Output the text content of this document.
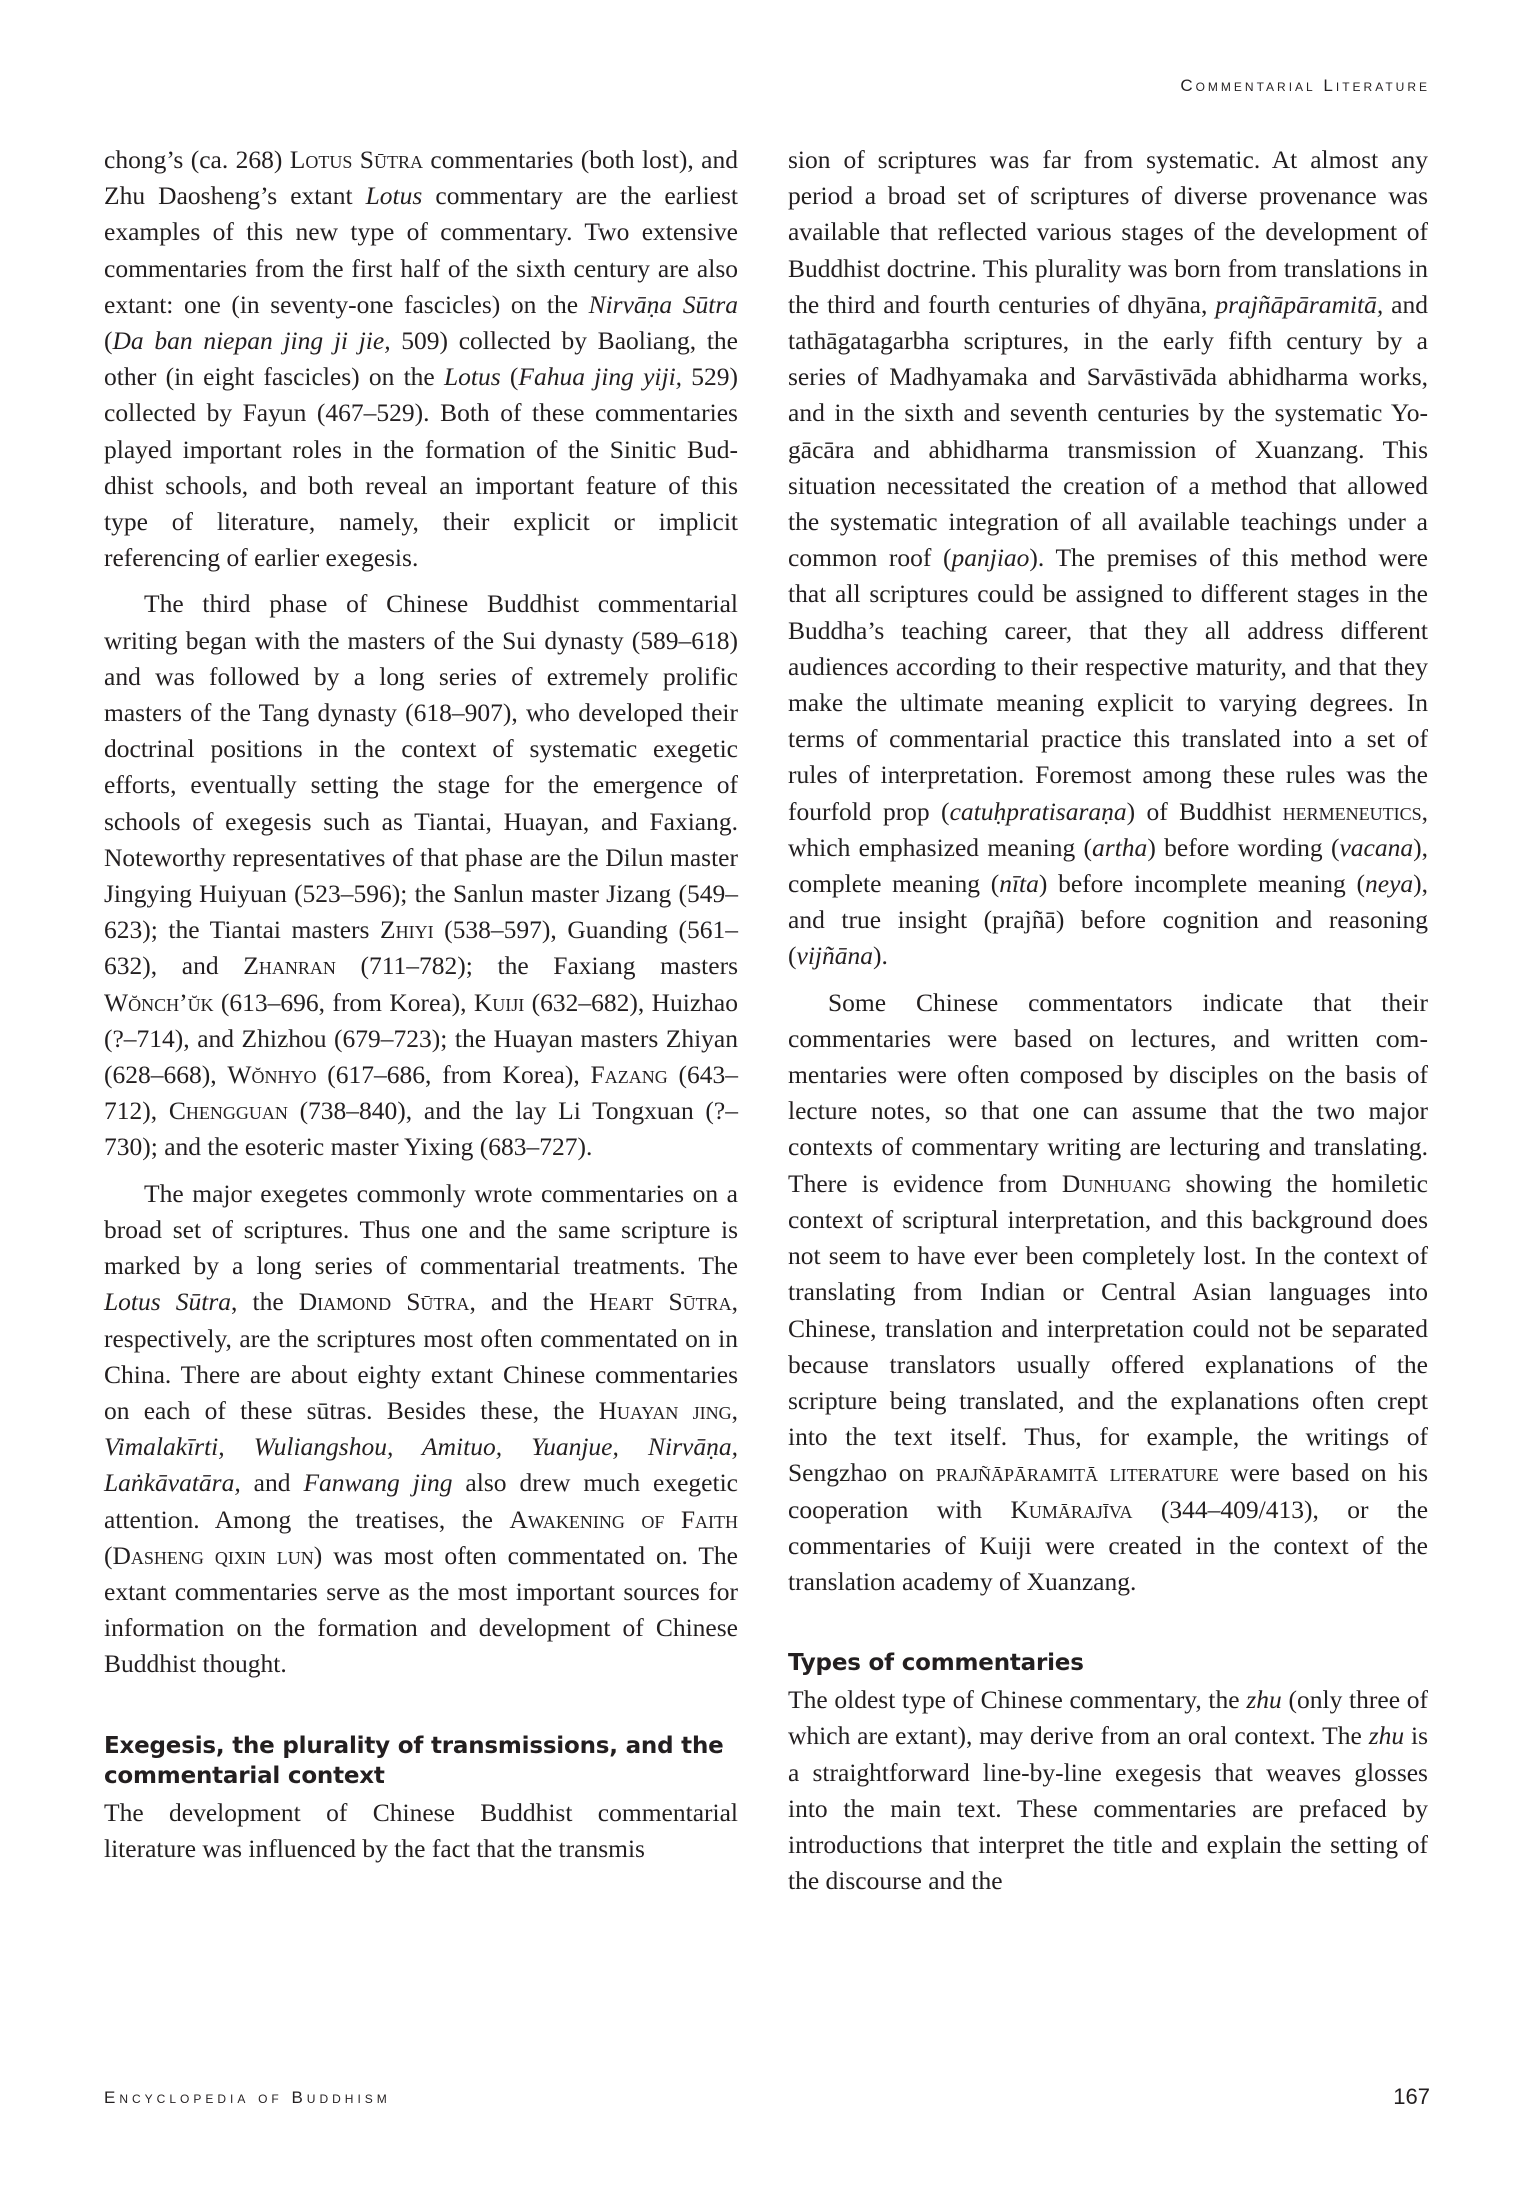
Commentarial Literature

chong’s (ca. 268) Lotus Sūtra commentaries (both lost), and Zhu Daosheng’s extant Lotus commentary are the earliest examples of this new type of commentary. Two extensive commentaries from the first half of the sixth century are also extant: one (in seventy-one fascicles) on the Nirvāṇa Sūtra (Da ban niepan jing ji jie, 509) collected by Baoliang, the other (in eight fascicles) on the Lotus (Fahua jing yiji, 529) collected by Fayun (467–529). Both of these commentaries played important roles in the formation of the Sinitic Buddhist schools, and both reveal an important feature of this type of literature, namely, their explicit or implicit referencing of earlier exegesis.

The third phase of Chinese Buddhist commentarial writing began with the masters of the Sui dynasty (589–618) and was followed by a long series of extremely prolific masters of the Tang dynasty (618–907), who developed their doctrinal positions in the context of systematic exegetic efforts, eventually setting the stage for the emergence of schools of exegesis such as Tiantai, Huayan, and Faxiang. Noteworthy representatives of that phase are the Dilun master Jingying Huiyuan (523–596); the Sanlun master Jizang (549–623); the Tiantai masters Zhiyi (538–597), Guanding (561–632), and Zhanran (711–782); the Faxiang masters Wŏnch’ŭk (613–696, from Korea), Kuiji (632–682), Huizhao (?–714), and Zhizhou (679–723); the Huayan masters Zhiyan (628–668), Wŏnhyo (617–686, from Korea), Fazang (643–712), Chengguan (738–840), and the lay Li Tongxuan (?–730); and the esoteric master Yixing (683–727).

The major exegetes commonly wrote commentaries on a broad set of scriptures. Thus one and the same scripture is marked by a long series of commentarial treatments. The Lotus Sūtra, the Diamond Sūtra, and the Heart Sūtra, respectively, are the scriptures most often commentated on in China. There are about eighty extant Chinese commentaries on each of these sūtras. Besides these, the Huayan jing, Vimalakīrti, Wuliangshou, Amituo, Yuanjue, Nirvāṇa, Laṅkāvatāra, and Fanwang jing also drew much exegetic attention. Among the treatises, the Awakening of Faith (Dasheng qixin lun) was most often commentated on. The extant commentaries serve as the most important sources for information on the formation and development of Chinese Buddhist thought.

Exegesis, the plurality of transmissions, and the commentarial context

The development of Chinese Buddhist commentarial literature was influenced by the fact that the transmis

sion of scriptures was far from systematic. At almost any period a broad set of scriptures of diverse provenance was available that reflected various stages of the development of Buddhist doctrine. This plurality was born from translations in the third and fourth centuries of dhyāna, prajñāpāramitā, and tathāgatagarbha scriptures, in the early fifth century by a series of Madhyamaka and Sarvāstivāda abhidharma works, and in the sixth and seventh centuries by the systematic Yogācāra and abhidharma transmission of Xuanzang. This situation necessitated the creation of a method that allowed the systematic integration of all available teachings under a common roof (panjiao). The premises of this method were that all scriptures could be assigned to different stages in the Buddha’s teaching career, that they all address different audiences according to their respective maturity, and that they make the ultimate meaning explicit to varying degrees. In terms of commentarial practice this translated into a set of rules of interpretation. Foremost among these rules was the fourfold prop (catuḥpratisaraṇa) of Buddhist hermeneutics, which emphasized meaning (artha) before wording (vacana), complete meaning (nīta) before incomplete meaning (neya), and true insight (prajñā) before cognition and reasoning (vijñāna).

Some Chinese commentators indicate that their commentaries were based on lectures, and written commentaries were often composed by disciples on the basis of lecture notes, so that one can assume that the two major contexts of commentary writing are lecturing and translating. There is evidence from Dunhuang showing the homiletic context of scriptural interpretation, and this background does not seem to have ever been completely lost. In the context of translating from Indian or Central Asian languages into Chinese, translation and interpretation could not be separated because translators usually offered explanations of the scripture being translated, and the explanations often crept into the text itself. Thus, for example, the writings of Sengzhao on prajñāpāramitā literature were based on his cooperation with Kumārajīva (344–409/413), or the commentaries of Kuiji were created in the context of the translation academy of Xuanzang.

Types of commentaries

The oldest type of Chinese commentary, the zhu (only three of which are extant), may derive from an oral context. The zhu is a straightforward line-by-line exegesis that weaves glosses into the main text. These commentaries are prefaced by introductions that interpret the title and explain the setting of the discourse and the

Encyclopedia of Buddhism	167
